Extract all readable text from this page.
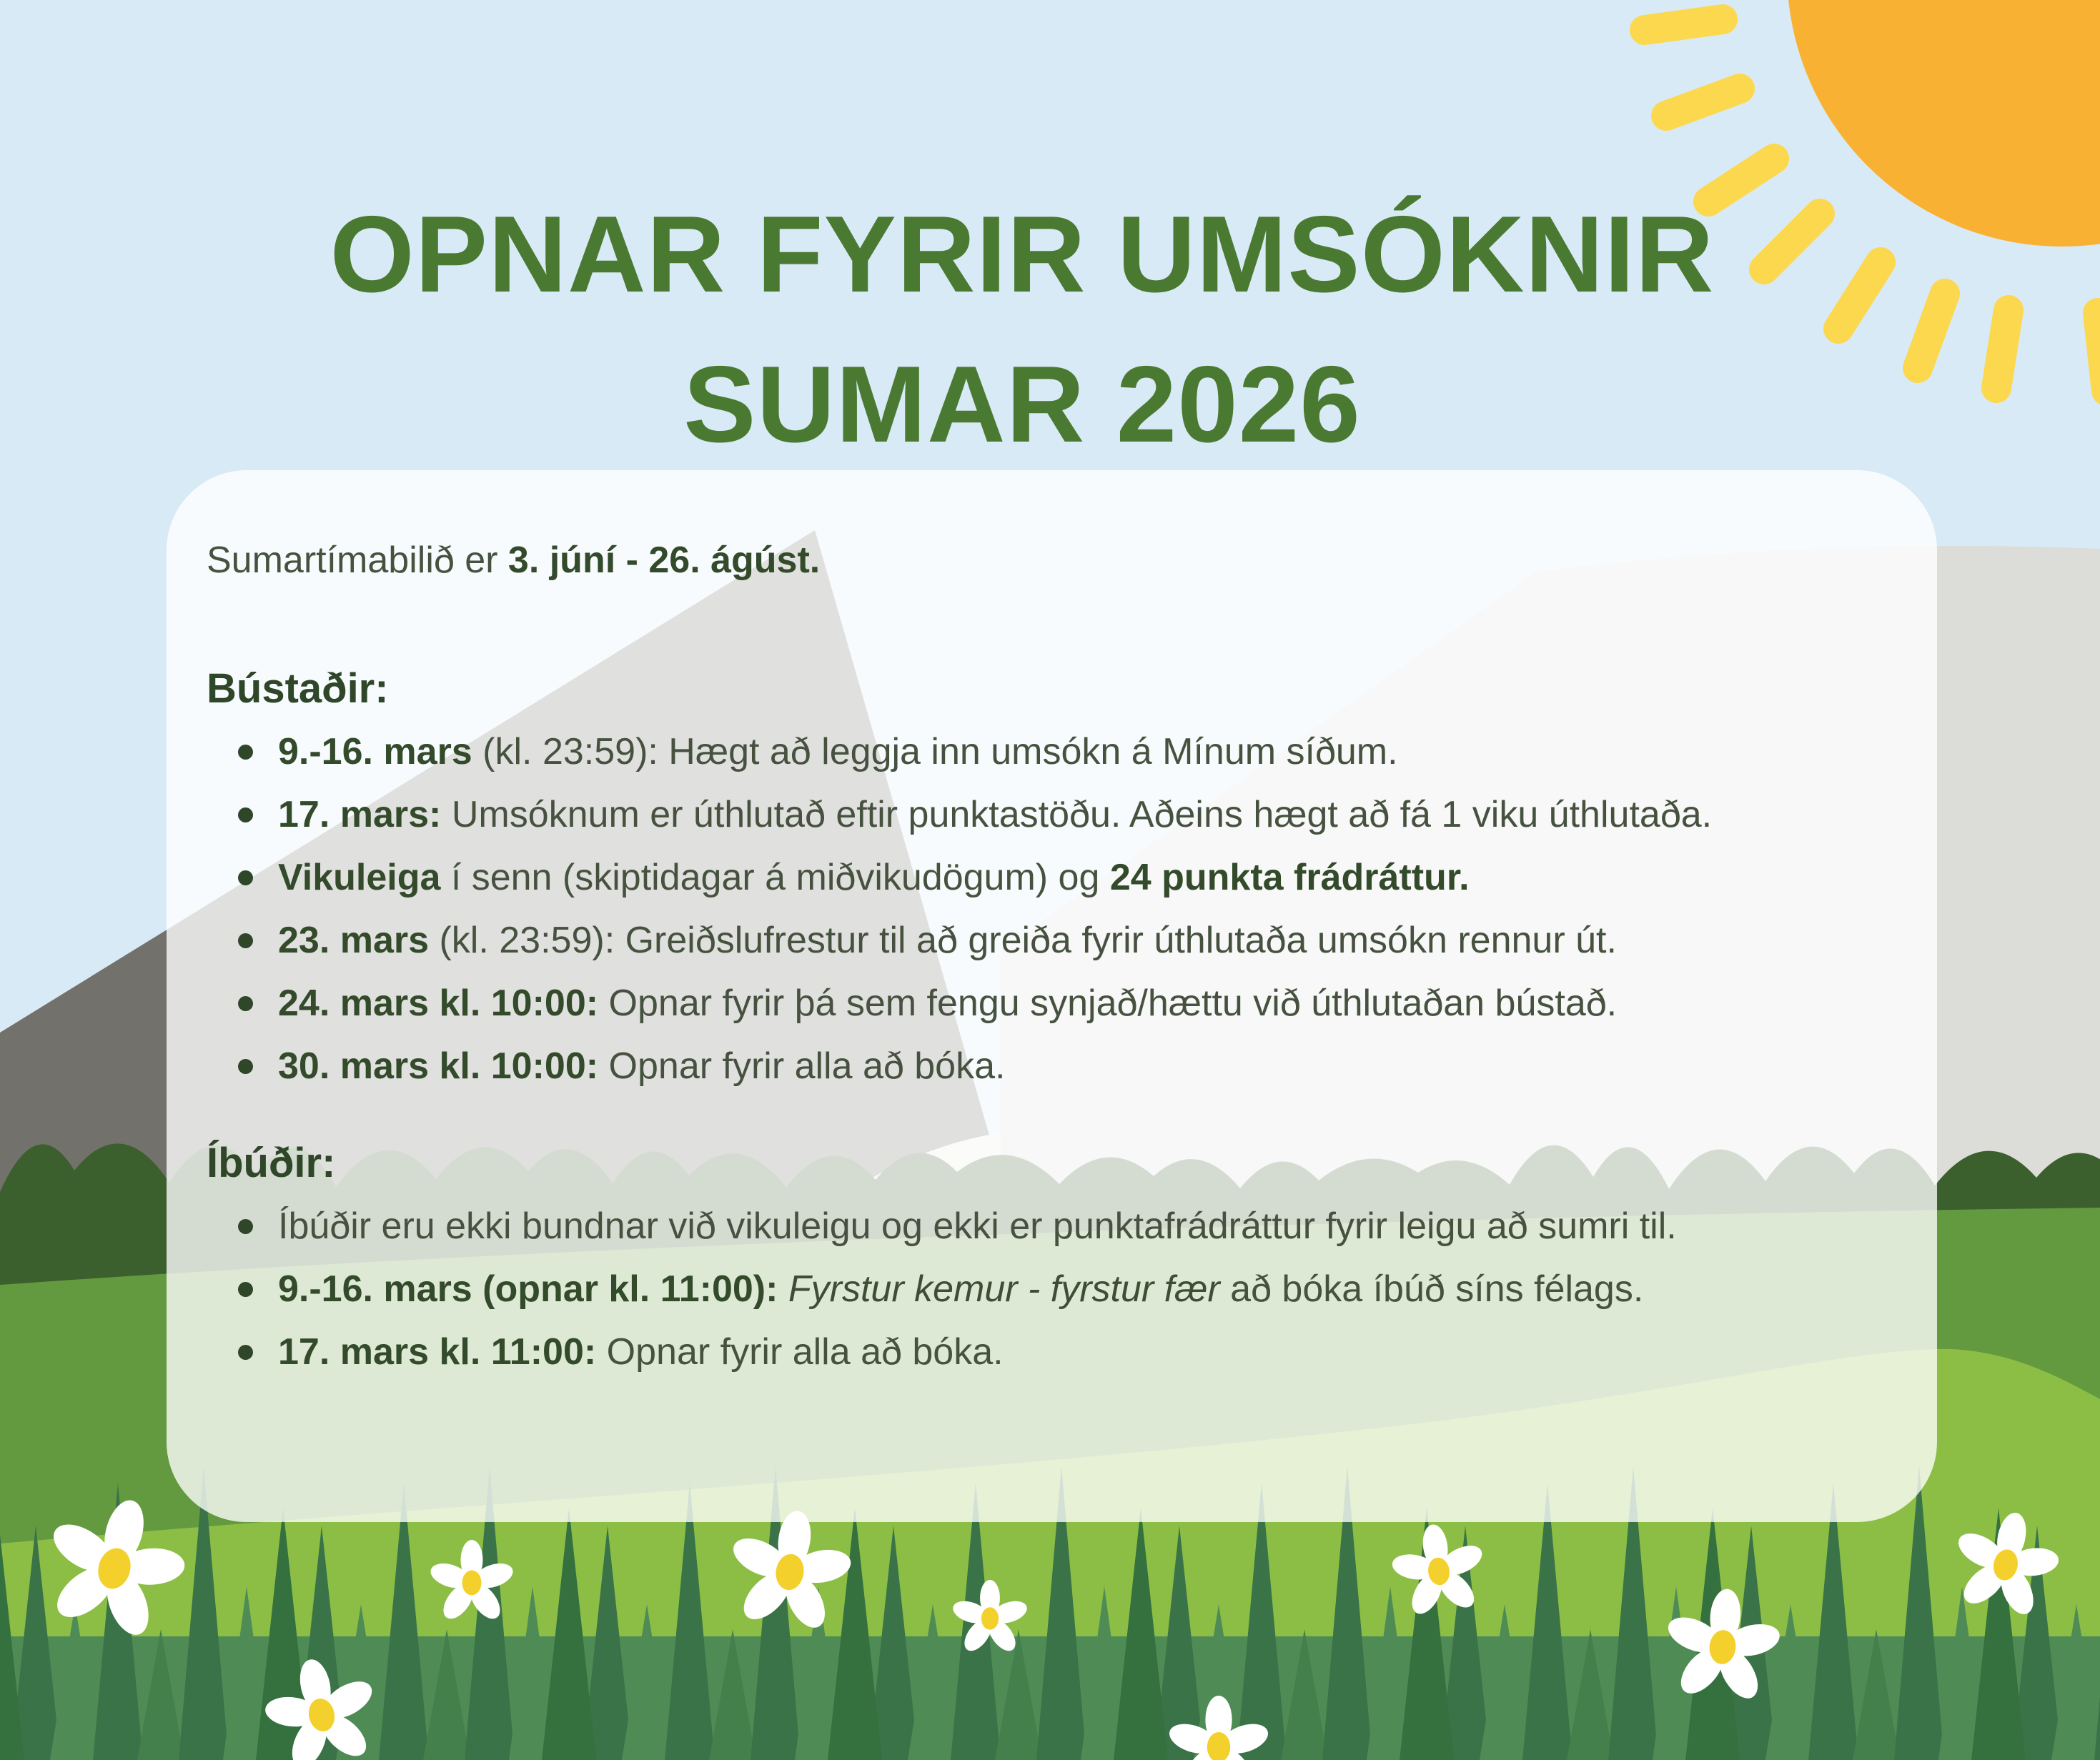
OPNAR FYRIR UMSÓKNIR
SUMAR 2026

Sumartímabilið er 3. júní - 26. ágúst.

Bústaðir:
9.-16. mars (kl. 23:59): Hægt að leggja inn umsókn á Mínum síðum.
17. mars: Umsóknum er úthlutað eftir punktastöðu. Aðeins hægt að fá 1 viku úthlutaða.
Vikuleiga í senn (skiptidagar á miðvikudögum) og 24 punkta frádráttur.
23. mars (kl. 23:59): Greiðslufrestur til að greiða fyrir úthlutaða umsókn rennur út.
24. mars kl. 10:00: Opnar fyrir þá sem fengu synjað/hættu við úthlutaðan bústað.
30. mars kl. 10:00: Opnar fyrir alla að bóka.
Íbúðir:
Íbúðir eru ekki bundnar við vikuleigu og ekki er punktafrádráttur fyrir leigu að sumri til.
9.-16. mars (opnar kl. 11:00): Fyrstur kemur - fyrstur fær að bóka íbúð síns félags.
17. mars kl. 11:00: Opnar fyrir alla að bóka.
